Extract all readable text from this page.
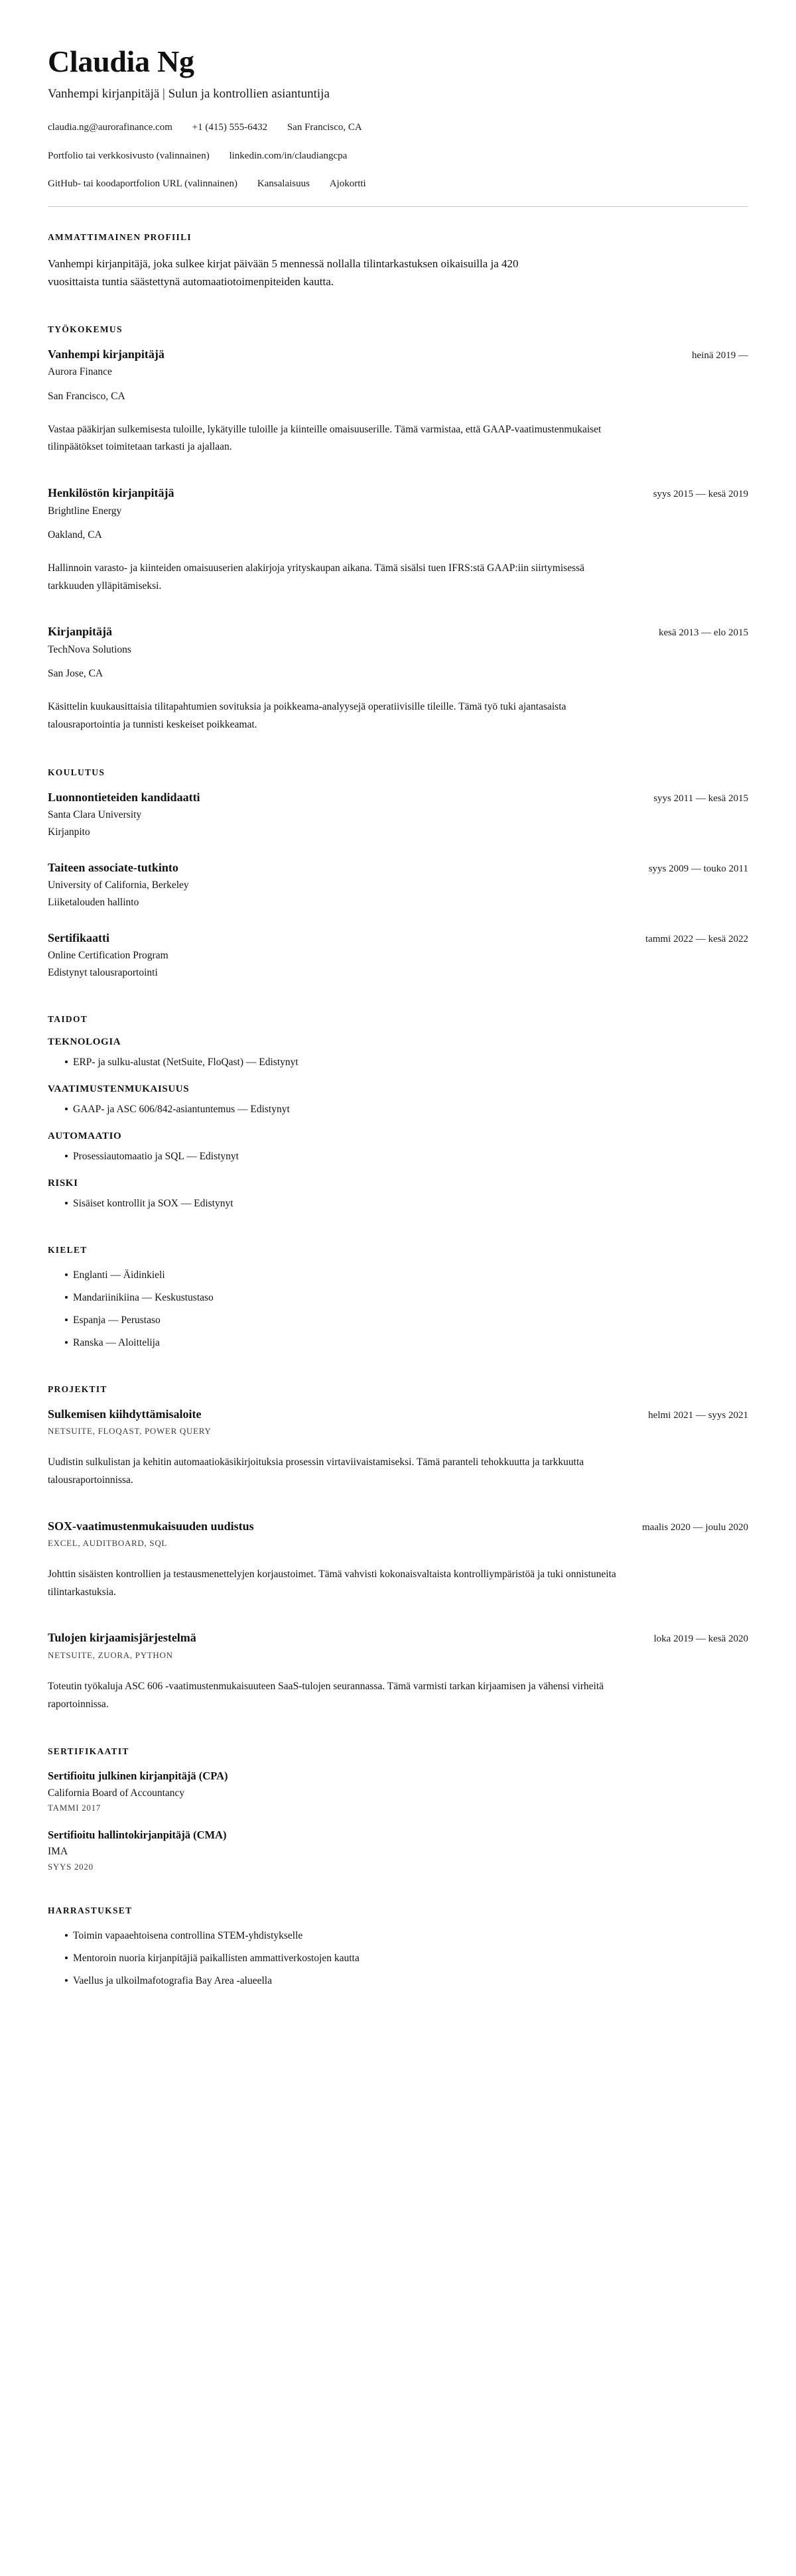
Claudia Ng

Vanhempi kirjanpitäjä | Sulun ja kontrollien asiantuntija

claudia.ng@aurorafinance.com +1 (415) 555-6432 San Francisco, CA

Portfolio tai verkkosivusto (valinnainen) linkedin.com/in/claudiangcpa

GitHub- tai koodaportfolion URL (valinnainen) Kansalaisuus Ajokortti

AMMATTIMAINEN PROFIILI

Vanhempi kirjanpitäjä, joka sulkee kirjat päivään 5 mennessä nollalla tilintarkastuksen oikaisuilla ja 420 vuosittaista tuntia säästettynä automaatiotoimenpiteiden kautta.

TYÖKOKEMUS
Vanhempi kirjanpitäjä	heinä 2019 —

Aurora Finance

San Francisco, CA

Vastaa pääkirjan sulkemisesta tuloille, lykätyille tuloille ja kiinteille omaisuuserille. Tämä varmistaa, että GAAP-vaatimustenmukaiset tilinpäätökset toimitetaan tarkasti ja ajallaan.

Henkilöstön kirjanpitäjä	syys 2015 — kesä 2019

Brightline Energy

Oakland, CA

Hallinnoin varasto- ja kiinteiden omaisuuserien alakirjoja yrityskaupan aikana. Tämä sisälsi tuen IFRS:stä GAAP:iin siirtymisessä tarkkuuden ylläpitämiseksi.

Kirjanpitäjä	kesä 2013 — elo 2015

TechNova Solutions

San Jose, CA

Käsittelin kuukausittaisia tilitapahtumien sovituksia ja poikkeama-analyysejä operatiivisille tileille. Tämä työ tuki ajantasaista talousraportointia ja tunnisti keskeiset poikkeamat.

KOULUTUS
Luonnontieteiden kandidaatti	syys 2011 — kesä 2015

Santa Clara University

Kirjanpito

Taiteen associate-tutkinto	syys 2009 — touko 2011

University of California, Berkeley

Liiketalouden hallinto

Sertifikaatti	tammi 2022 — kesä 2022

Online Certification Program

Edistynyt talousraportointi

TAIDOT
TEKNOLOGIA
ERP- ja sulku-alustat (NetSuite, FloQast) — Edistynyt
VAATIMUSTENMUKAISUUS
GAAP- ja ASC 606/842-asiantuntemus — Edistynyt
AUTOMAATIO
Prosessiautomaatio ja SQL — Edistynyt
RISKI
Sisäiset kontrollit ja SOX — Edistynyt
KIELET
Englanti — Äidinkieli
Mandariinikiina — Keskustustaso
Espanja — Perustaso
Ranska — Aloittelija
PROJEKTIT
Sulkemisen kiihdyttämisaloite	helmi 2021 — syys 2021

NETSUITE, FLOQAST, POWER QUERY

Uudistin sulkulistan ja kehitin automaatiokäsikirjoituksia prosessin virtaviivaistamiseksi. Tämä paranteli tehokkuutta ja tarkkuutta talousraportoinnissa.

SOX-vaatimustenmukaisuuden uudistus	maalis 2020 — joulu 2020

EXCEL, AUDITBOARD, SQL

Johttin sisäisten kontrollien ja testausmenettelyjen korjaustoimet. Tämä vahvisti kokonaisvaltaista kontrolliympäristöä ja tuki onnistuneita tilintarkastuksia.

Tulojen kirjaamisjärjestelmä	loka 2019 — kesä 2020

NETSUITE, ZUORA, PYTHON

Toteutin työkaluja ASC 606 -vaatimustenmukaisuuteen SaaS-tulojen seurannassa. Tämä varmisti tarkan kirjaamisen ja vähensi virheitä raportoinnissa.

SERTIFIKAATIT
Sertifioitu julkinen kirjanpitäjä (CPA)

California Board of Accountancy

TAMMI 2017

Sertifioitu hallintokirjanpitäjä (CMA)

IMA

SYYS 2020

HARRASTUKSET
Toimin vapaaehtoisena controllina STEM-yhdistykselle
Mentoroin nuoria kirjanpitäjiä paikallisten ammattiverkostojen kautta
Vaellus ja ulkoilmafotografia Bay Area -alueella
